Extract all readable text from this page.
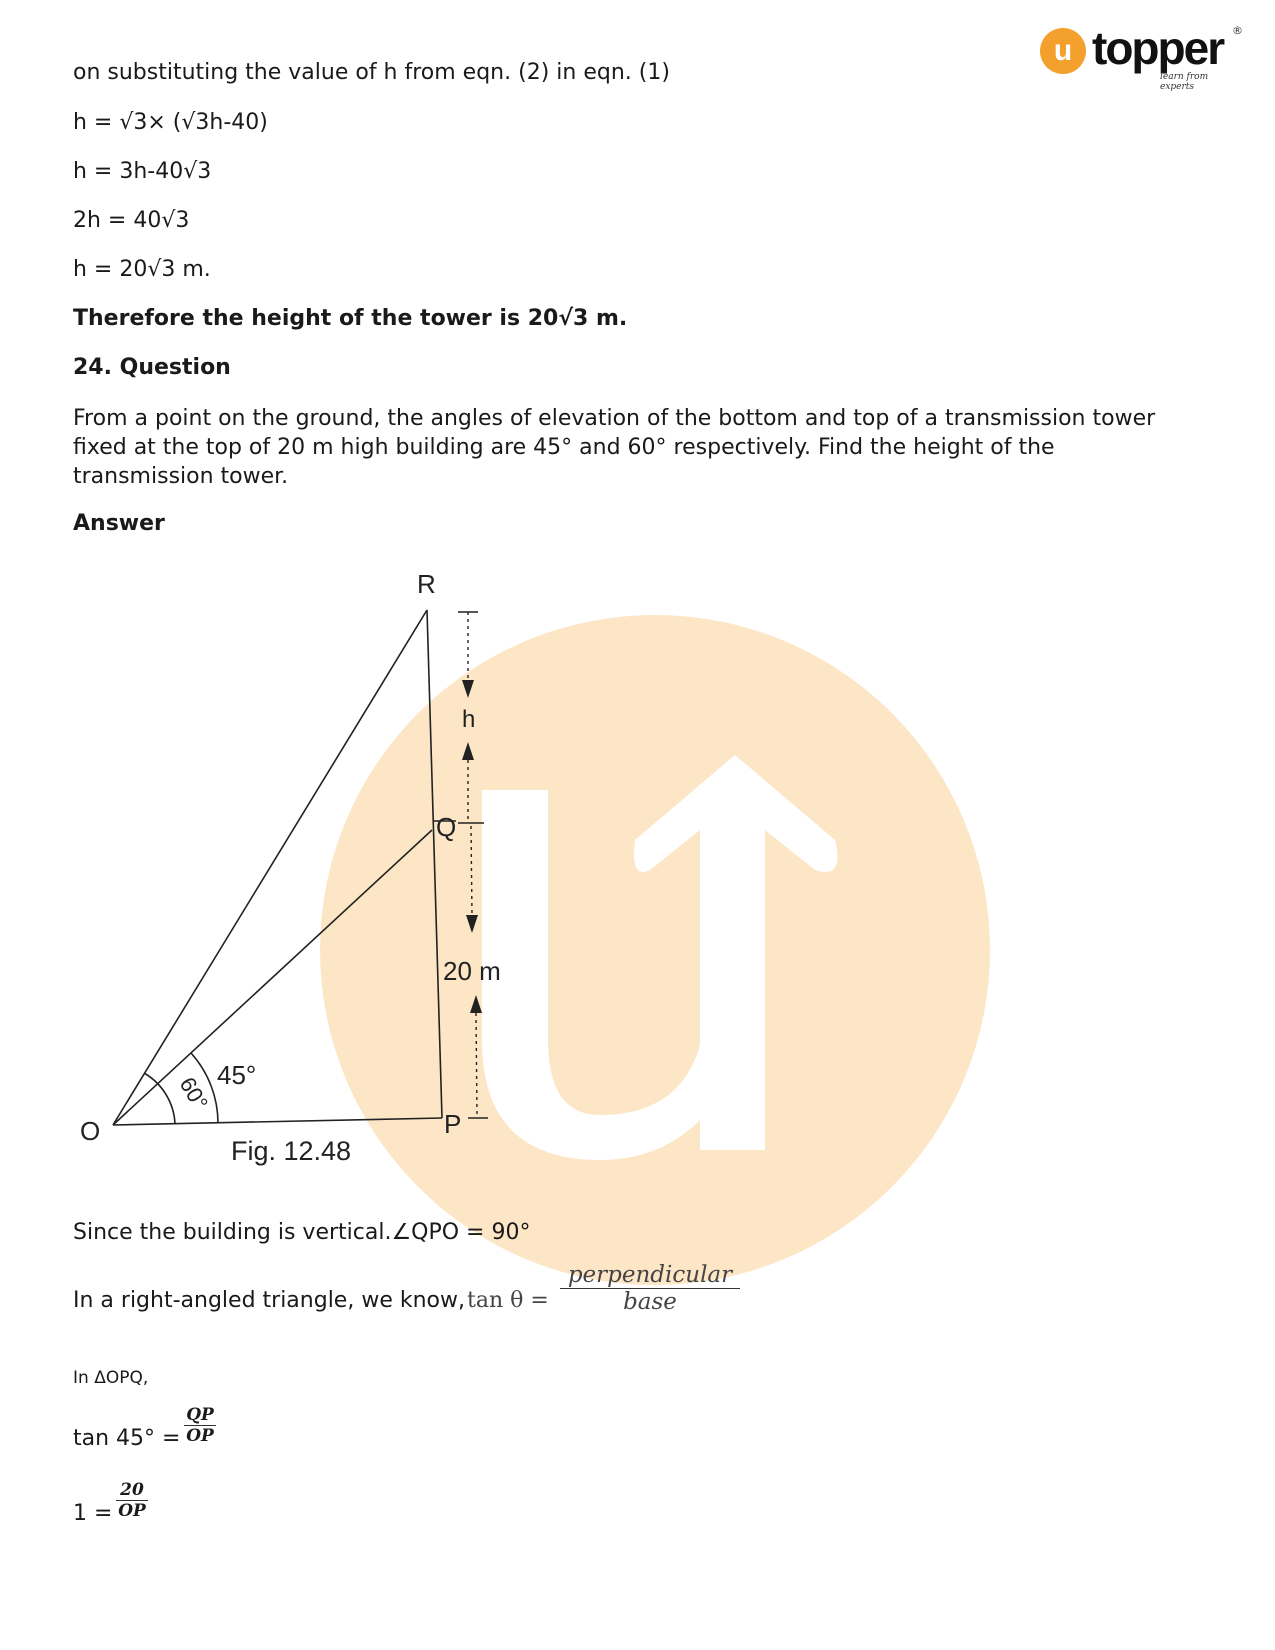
u topper ®
learn from experts
on substituting the value of h from eqn. (2) in eqn. (1)
h = √3× (√3h-40)
h = 3h-40√3
2h = 40√3
h = 20√3 m.
Therefore the height of the tower is 20√3 m.
24. Question
From a point on the ground, the angles of elevation of the bottom and top of a transmission tower fixed at the top of 20 m high building are 45° and 60° respectively. Find the height of the transmission tower.
Answer
R
Q
P
O
h
20 m
60° 45°
Fig. 12.48
Since the building is vertical.∠QPO = 90°
In a right-angled triangle, we know, tan θ =
perpendicular
base
In ΔOPQ,
tan 45° =
QP
OP
1 =
20
OP
